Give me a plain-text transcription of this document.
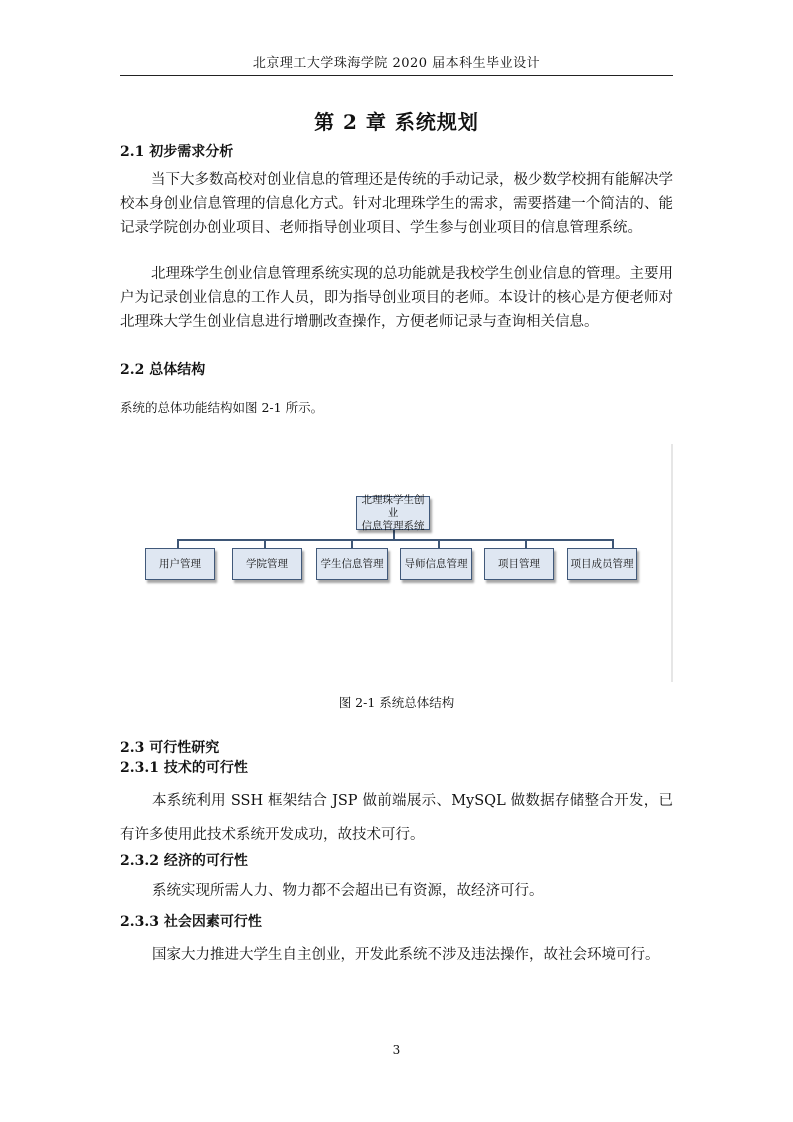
北京理工大学珠海学院 2020 届本科生毕业设计
第 2 章 系统规划
2.1 初步需求分析
当下大多数高校对创业信息的管理还是传统的手动记录，极少数学校拥有能解决学校本身创业信息管理的信息化方式。针对北理珠学生的需求，需要搭建一个简洁的、能记录学院创办创业项目、老师指导创业项目、学生参与创业项目的信息管理系统。
北理珠学生创业信息管理系统实现的总功能就是我校学生创业信息的管理。主要用户为记录创业信息的工作人员，即为指导创业项目的老师。本设计的核心是方便老师对北理珠大学生创业信息进行增删改查操作，方便老师记录与查询相关信息。
2.2 总体结构
系统的总体功能结构如图 2-1 所示。
北理珠学生创业
信息管理系统
用户管理	学院管理	学生信息管理	导师信息管理	项目管理	项目成员管理
图 2-1 系统总体结构
2.3 可行性研究
2.3.1 技术的可行性
本系统利用 SSH 框架结合 JSP 做前端展示、MySQL 做数据存储整合开发，已有许多使用此技术系统开发成功，故技术可行。
2.3.2 经济的可行性
系统实现所需人力、物力都不会超出已有资源，故经济可行。
2.3.3 社会因素可行性
国家大力推进大学生自主创业，开发此系统不涉及违法操作，故社会环境可行。
3
